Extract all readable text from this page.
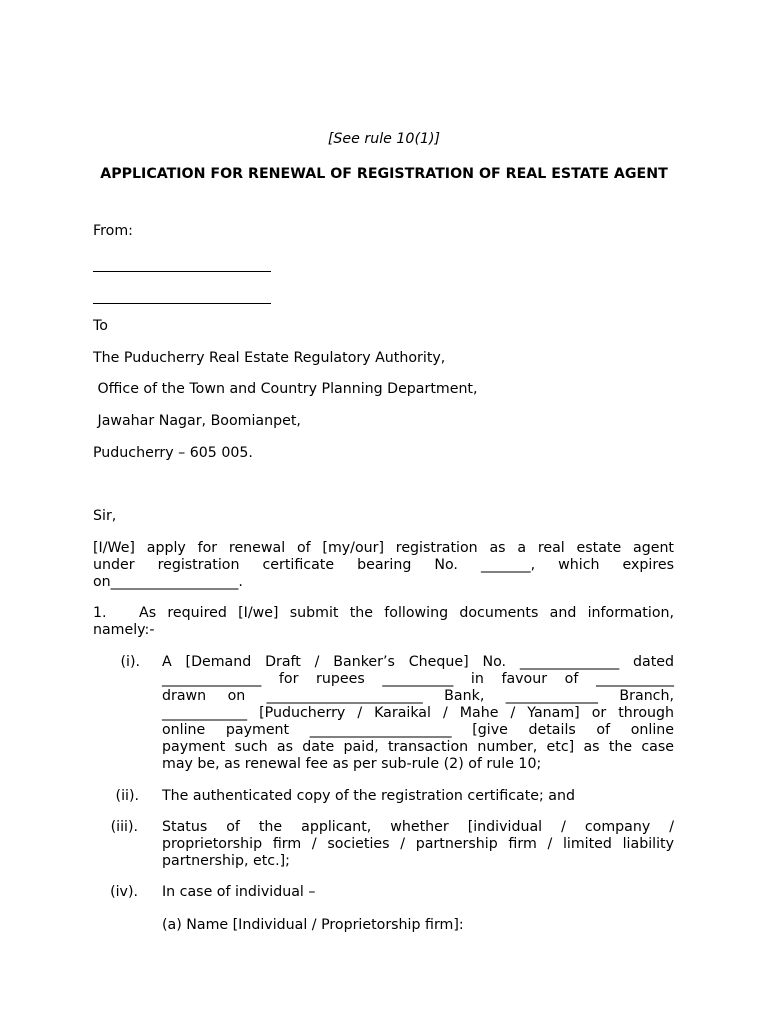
[See rule 10(1)]

APPLICATION FOR RENEWAL OF REGISTRATION OF REAL ESTATE AGENT

From:

To

The Puducherry Real Estate Regulatory Authority,

Office of the Town and Country Planning Department,

Jawahar Nagar, Boomianpet,

Puducherry – 605 005.

Sir,

[I/We] apply for renewal of [my/our] registration as a real estate agent
under registration certificate bearing No. _______, which expires
on__________________.
1. As required [I/we] submit the following documents and information,
namely:-
(i). A [Demand Draft / Banker’s Cheque] No. ______________ dated
______________ for rupees __________ in favour of ___________
drawn on ______________________ Bank, _____________ Branch,
____________ [Puducherry / Karaikal / Mahe / Yanam] or through
online payment ____________________ [give details of online
payment such as date paid, transaction number, etc] as the case
may be, as renewal fee as per sub-rule (2) of rule 10;
(ii). The authenticated copy of the registration certificate; and
(iii). Status of the applicant, whether [individual / company /
proprietorship firm / societies / partnership firm / limited liability
partnership, etc.];
(iv). In case of individual –

(a) Name [Individual / Proprietorship firm]:
